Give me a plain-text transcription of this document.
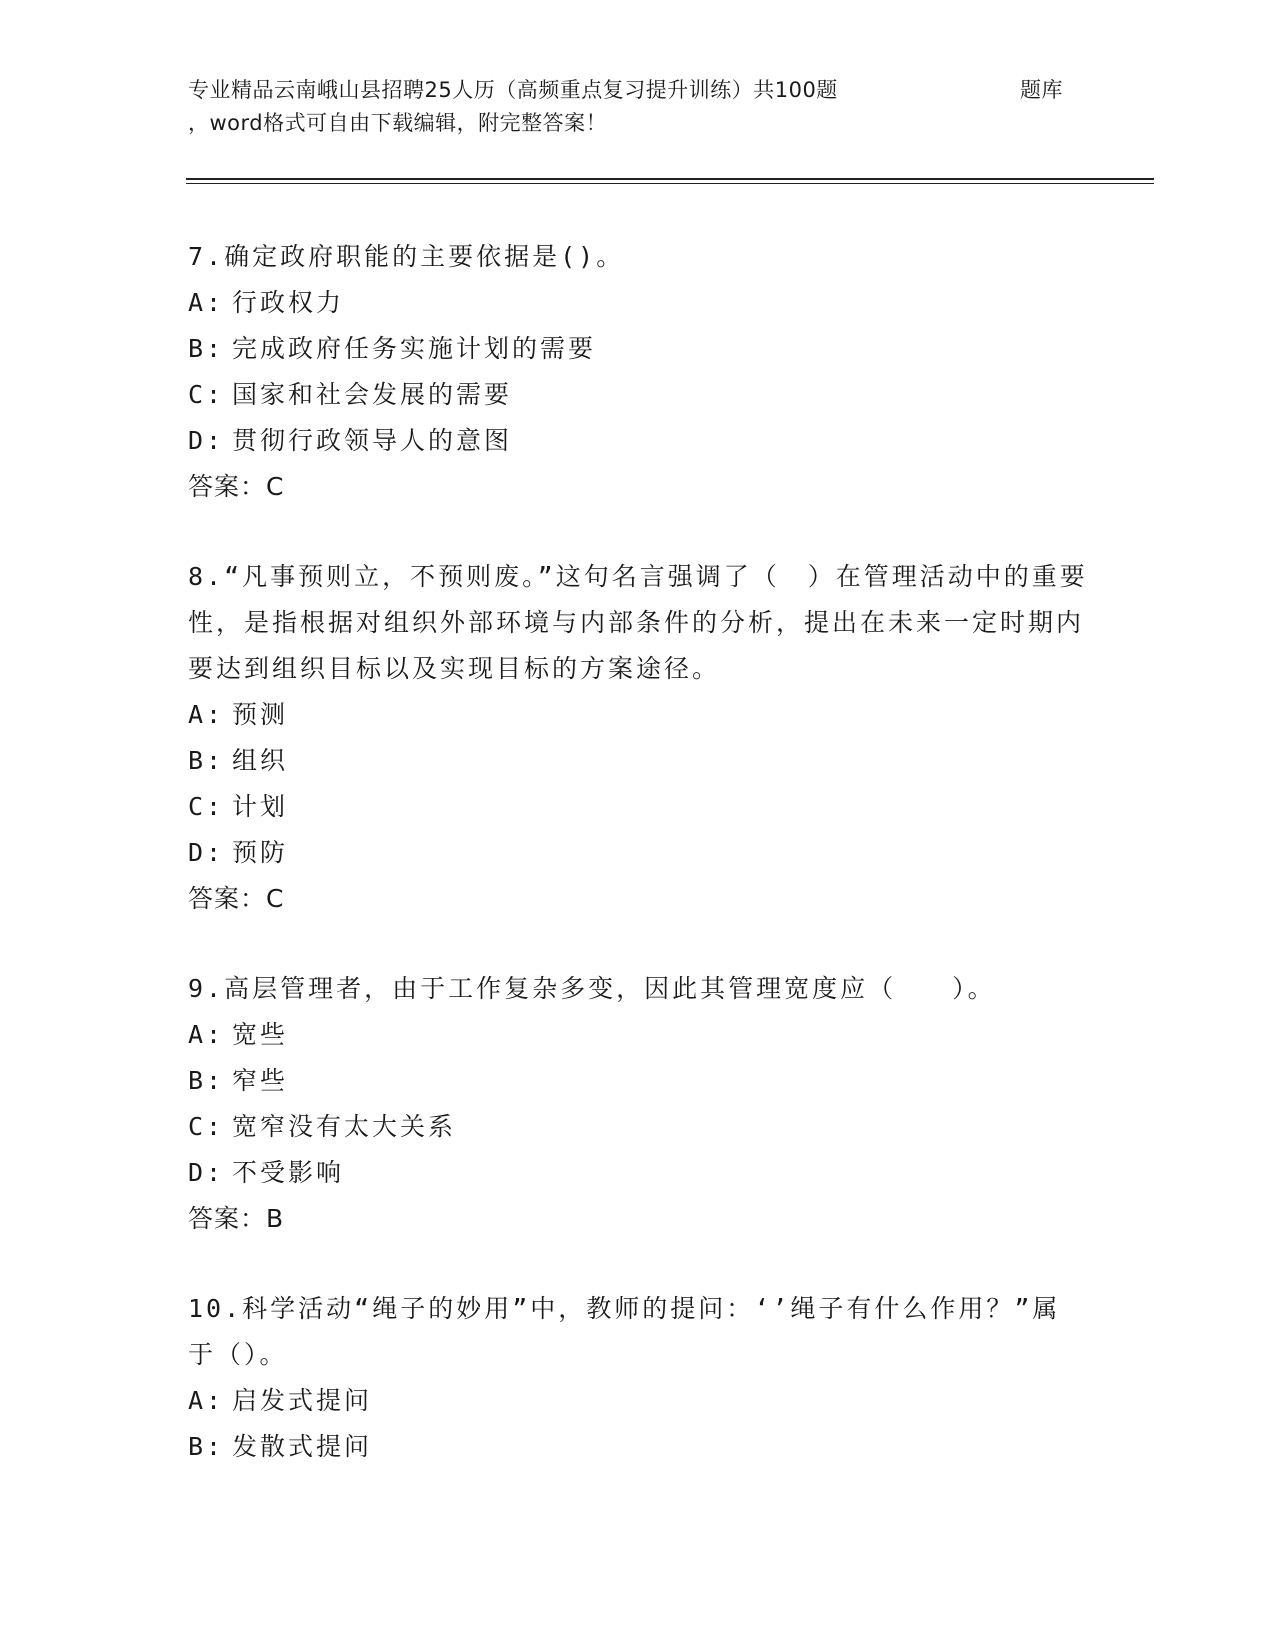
专业精品云南峨山县招聘25人历（高频重点复习提升训练）共100题	题库
，word格式可自由下载编辑，附完整答案！
7.确定政府职能的主要依据是()。
A: 行政权力
B: 完成政府任务实施计划的需要
C: 国家和社会发展的需要
D: 贯彻行政领导人的意图
答案：C
8.“凡事预则立，不预则废。”这句名言强调了（　）在管理活动中的重要性，是指根据对组织外部环境与内部条件的分析，提出在未来一定时期内要达到组织目标以及实现目标的方案途径。
A: 预测
B: 组织
C: 计划
D: 预防
答案：C
9.高层管理者，由于工作复杂多变，因此其管理宽度应（　　）。
A: 宽些
B: 窄些
C: 宽窄没有太大关系
D: 不受影响
答案：B
10.科学活动“绳子的妙用”中，教师的提问：‘’绳子有什么作用？”属于（）。
A: 启发式提问
B: 发散式提问
